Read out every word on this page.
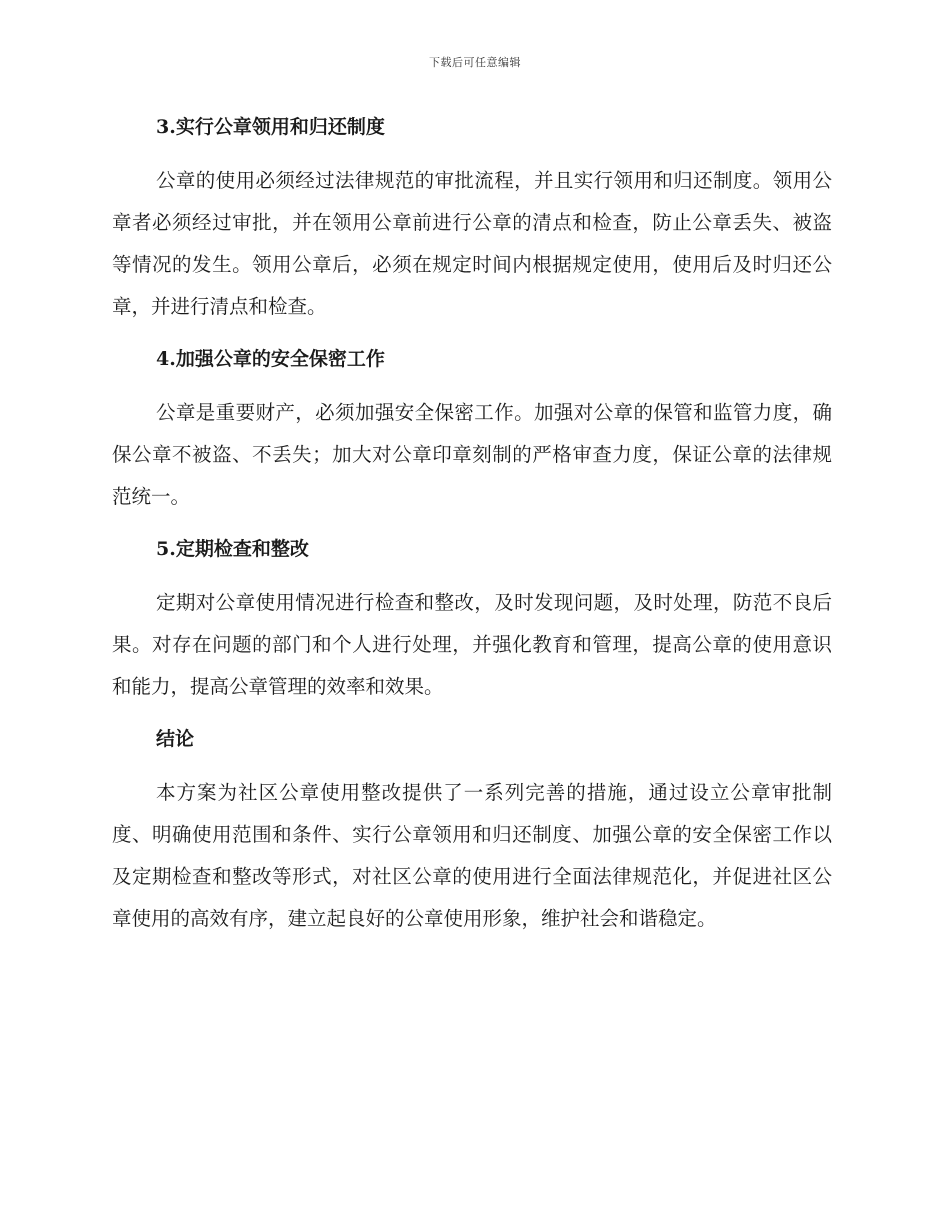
下载后可任意编辑
3.实行公章领用和归还制度

公章的使用必须经过法律规范的审批流程，并且实行领用和归还制度。领用公章者必须经过审批，并在领用公章前进行公章的清点和检查，防止公章丢失、被盗等情况的发生。领用公章后，必须在规定时间内根据规定使用，使用后及时归还公章，并进行清点和检查。

4.加强公章的安全保密工作

公章是重要财产，必须加强安全保密工作。加强对公章的保管和监管力度，确保公章不被盗、不丢失；加大对公章印章刻制的严格审查力度，保证公章的法律规范统一。

5.定期检查和整改

定期对公章使用情况进行检查和整改，及时发现问题，及时处理，防范不良后果。对存在问题的部门和个人进行处理，并强化教育和管理，提高公章的使用意识和能力，提高公章管理的效率和效果。

结论

本方案为社区公章使用整改提供了一系列完善的措施，通过设立公章审批制度、明确使用范围和条件、实行公章领用和归还制度、加强公章的安全保密工作以及定期检查和整改等形式，对社区公章的使用进行全面法律规范化，并促进社区公章使用的高效有序，建立起良好的公章使用形象，维护社会和谐稳定。
